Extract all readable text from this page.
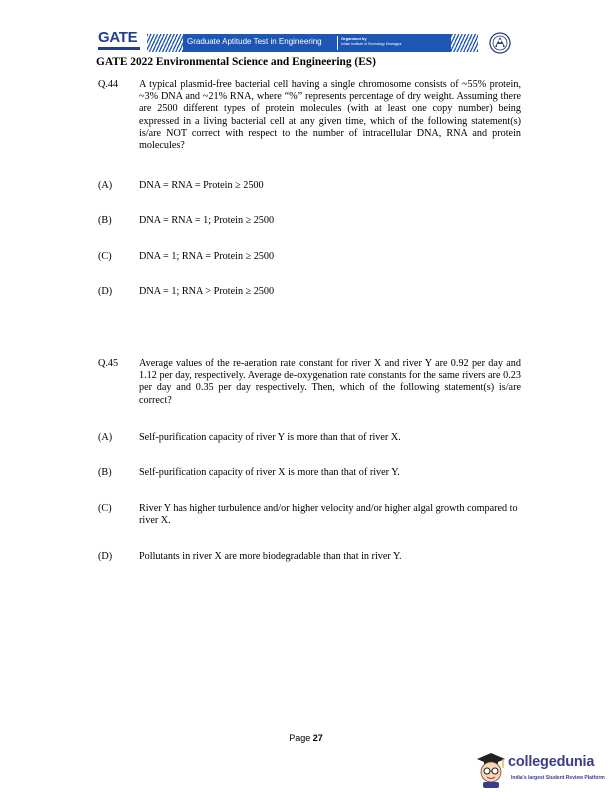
GATE	Graduate Aptitude Test in Engineering	Organised by
Indian Institute of Technology Kharagpur
GATE 2022 Environmental Science and Engineering (ES)
Q.44 A typical plasmid-free bacterial cell having a single chromosome consists of ~55% protein, ~3% DNA and ~21% RNA, where “%” represents percentage of dry weight. Assuming there are 2500 different types of protein molecules (with at least one copy number) being expressed in a living bacterial cell at any given time, which of the following statement(s) is/are NOT correct with respect to the number of intracellular DNA, RNA and protein molecules?
(A)	DNA = RNA = Protein ≥ 2500
(B)	DNA = RNA = 1; Protein ≥ 2500
(C)	DNA = 1; RNA = Protein ≥ 2500
(D)	DNA = 1; RNA > Protein ≥ 2500
Q.45 Average values of the re-aeration rate constant for river X and river Y are 0.92 per day and 1.12 per day, respectively. Average de-oxygenation rate constants for the same rivers are 0.23 per day and 0.35 per day respectively. Then, which of the following statement(s) is/are correct?
(A)	Self-purification capacity of river Y is more than that of river X.
(B)	Self-purification capacity of river X is more than that of river Y.
(C)	River Y has higher turbulence and/or higher velocity and/or higher algal growth compared to river X.
(D)	Pollutants in river X are more biodegradable than that in river Y.
Page 27
collegedunia
India's largest Student Review Platform
